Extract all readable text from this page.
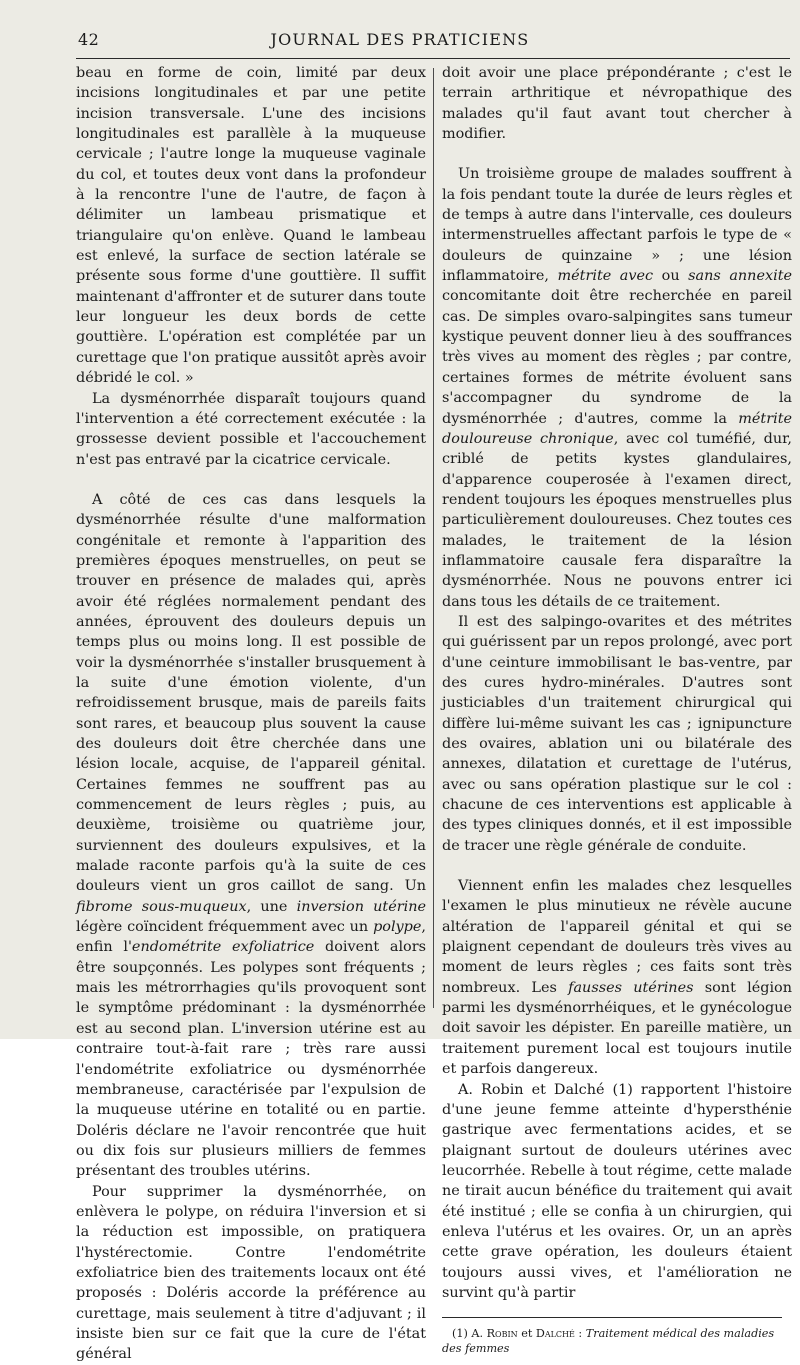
42	JOURNAL DES PRATICIENS

beau en forme de coin, limité par deux incisions longitudinales et par une petite incision transversale. L'une des incisions longitudinales est parallèle à la muqueuse cervicale ; l'autre longe la muqueuse vaginale du col, et toutes deux vont dans la profondeur à la rencontre l'une de l'autre, de façon à délimiter un lambeau prismatique et triangulaire qu'on enlève. Quand le lambeau est enlevé, la surface de section latérale se présente sous forme d'une gouttière. Il suffit maintenant d'affronter et de suturer dans toute leur longueur les deux bords de cette gouttière. L'opération est complétée par un curettage que l'on pratique aussitôt après avoir débridé le col. »

La dysménorrhée disparaît toujours quand l'intervention a été correctement exécutée : la grossesse devient possible et l'accouchement n'est pas entravé par la cicatrice cervicale.

A côté de ces cas dans lesquels la dysménorrhée résulte d'une malformation congénitale et remonte à l'apparition des premières époques menstruelles, on peut se trouver en présence de malades qui, après avoir été réglées normalement pendant des années, éprouvent des douleurs depuis un temps plus ou moins long. Il est possible de voir la dysménorrhée s'installer brusquement à la suite d'une émotion violente, d'un refroidissement brusque, mais de pareils faits sont rares, et beaucoup plus souvent la cause des douleurs doit être cherchée dans une lésion locale, acquise, de l'appareil génital. Certaines femmes ne souffrent pas au commencement de leurs règles ; puis, au deuxième, troisième ou quatrième jour, surviennent des douleurs expulsives, et la malade raconte parfois qu'à la suite de ces douleurs vient un gros caillot de sang. Un fibrome sous-muqueux, une inversion utérine légère coïncident fréquemment avec un polype, enfin l'endométrite exfoliatrice doivent alors être soupçonnés. Les polypes sont fréquents ; mais les métrorrhagies qu'ils provoquent sont le symptôme prédominant : la dysménorrhée est au second plan. L'inversion utérine est au contraire tout-à-fait rare ; très rare aussi l'endométrite exfoliatrice ou dysménorrhée membraneuse, caractérisée par l'expulsion de la muqueuse utérine en totalité ou en partie. Doléris déclare ne l'avoir rencontrée que huit ou dix fois sur plusieurs milliers de femmes présentant des troubles utérins.

Pour supprimer la dysménorrhée, on enlèvera le polype, on réduira l'inversion et si la réduction est impossible, on pratiquera l'hystérectomie. Contre l'endométrite exfoliatrice bien des traitements locaux ont été proposés : Doléris accorde la préférence au curettage, mais seulement à titre d'adjuvant ; il insiste bien sur ce fait que la cure de l'état général

doit avoir une place prépondérante ; c'est le terrain arthritique et névropathique des malades qu'il faut avant tout chercher à modifier.

Un troisième groupe de malades souffrent à la fois pendant toute la durée de leurs règles et de temps à autre dans l'intervalle, ces douleurs intermenstruelles affectant parfois le type de « douleurs de quinzaine » ; une lésion inflammatoire, métrite avec ou sans annexite concomitante doit être recherchée en pareil cas. De simples ovaro-salpingites sans tumeur kystique peuvent donner lieu à des souffrances très vives au moment des règles ; par contre, certaines formes de métrite évoluent sans s'accompagner du syndrome de la dysménorrhée ; d'autres, comme la métrite douloureuse chronique, avec col tuméfié, dur, criblé de petits kystes glandulaires, d'apparence couperosée à l'examen direct, rendent toujours les époques menstruelles plus particulièrement douloureuses. Chez toutes ces malades, le traitement de la lésion inflammatoire causale fera disparaître la dysménorrhée. Nous ne pouvons entrer ici dans tous les détails de ce traitement.

Il est des salpingo-ovarites et des métrites qui guérissent par un repos prolongé, avec port d'une ceinture immobilisant le bas-ventre, par des cures hydro-minérales. D'autres sont justiciables d'un traitement chirurgical qui diffère lui-même suivant les cas ; ignipuncture des ovaires, ablation uni ou bilatérale des annexes, dilatation et curettage de l'utérus, avec ou sans opération plastique sur le col : chacune de ces interventions est applicable à des types cliniques donnés, et il est impossible de tracer une règle générale de conduite.

Viennent enfin les malades chez lesquelles l'examen le plus minutieux ne révèle aucune altération de l'appareil génital et qui se plaignent cependant de douleurs très vives au moment de leurs règles ; ces faits sont très nombreux. Les fausses utérines sont légion parmi les dysménorrhéiques, et le gynécologue doit savoir les dépister. En pareille matière, un traitement purement local est toujours inutile et parfois dangereux.

A. Robin et Dalché (1) rapportent l'histoire d'une jeune femme atteinte d'hypersthénie gastrique avec fermentations acides, et se plaignant surtout de douleurs utérines avec leucorrhée. Rebelle à tout régime, cette malade ne tirait aucun bénéfice du traitement qui avait été institué ; elle se confia à un chirurgien, qui enleva l'utérus et les ovaires. Or, un an après cette grave opération, les douleurs étaient toujours aussi vives, et l'amélioration ne survint qu'à partir

(1) A. Robin et Dalché : Traitement médical des maladies des femmes
